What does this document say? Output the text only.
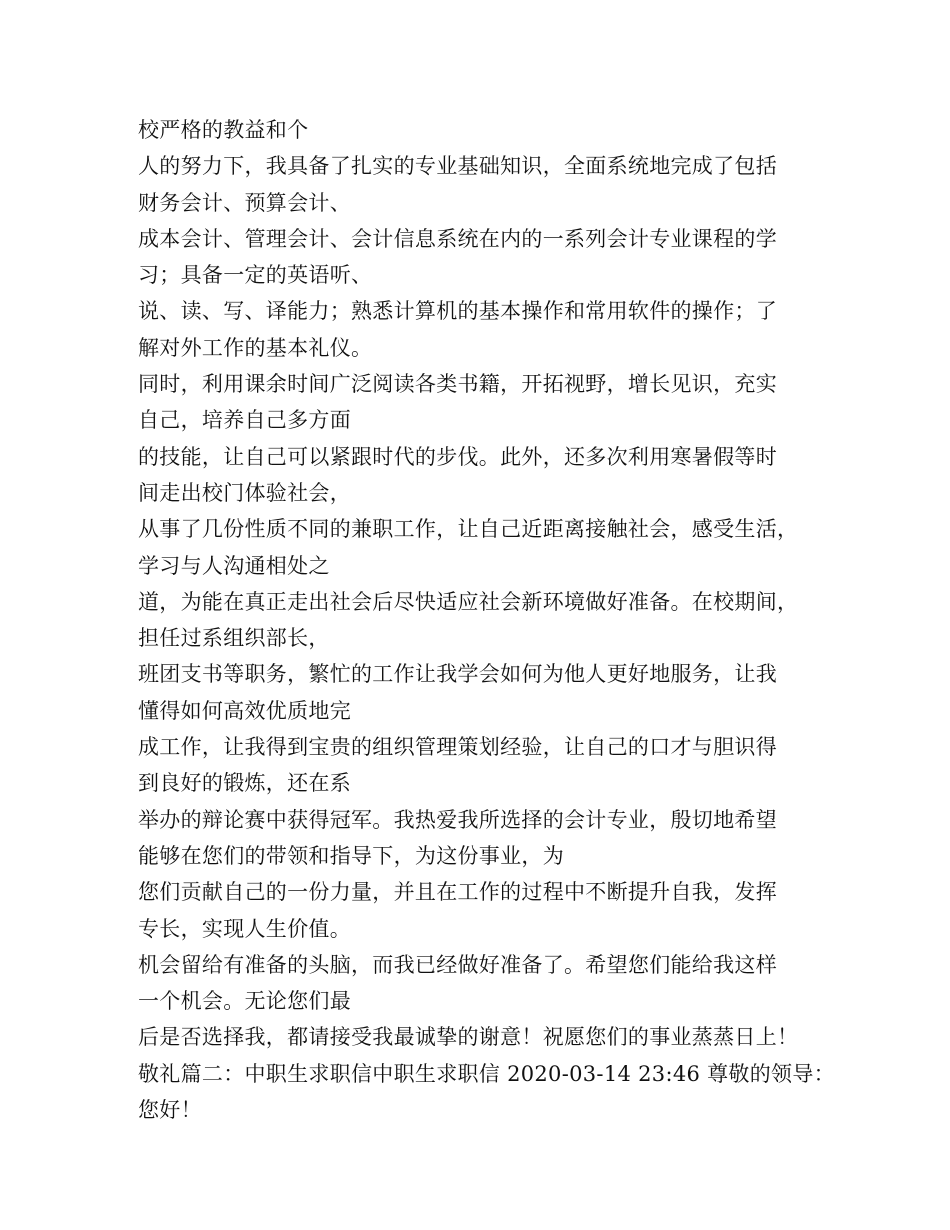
校严格的教益和个
人的努力下，我具备了扎实的专业基础知识，全面系统地完成了包括
财务会计、预算会计、
成本会计、管理会计、会计信息系统在内的一系列会计专业课程的学
习；具备一定的英语听、
说、读、写、译能力；熟悉计算机的基本操作和常用软件的操作；了
解对外工作的基本礼仪。
同时，利用课余时间广泛阅读各类书籍，开拓视野，增长见识，充实
自己，培养自己多方面
的技能，让自己可以紧跟时代的步伐。此外，还多次利用寒暑假等时
间走出校门体验社会，
从事了几份性质不同的兼职工作，让自己近距离接触社会，感受生活，
学习与人沟通相处之
道，为能在真正走出社会后尽快适应社会新环境做好准备。在校期间，
担任过系组织部长，
班团支书等职务，繁忙的工作让我学会如何为他人更好地服务，让我
懂得如何高效优质地完
成工作，让我得到宝贵的组织管理策划经验，让自己的口才与胆识得
到良好的锻炼，还在系
举办的辩论赛中获得冠军。我热爱我所选择的会计专业，殷切地希望
能够在您们的带领和指导下，为这份事业，为
您们贡献自己的一份力量，并且在工作的过程中不断提升自我，发挥
专长，实现人生价值。
机会留给有准备的头脑，而我已经做好准备了。希望您们能给我这样
一个机会。无论您们最
后是否选择我，都请接受我最诚挚的谢意！祝愿您们的事业蒸蒸日上！
敬礼篇二：中职生求职信中职生求职信 2020-03-14 23:46 尊敬的领导：
您好！
